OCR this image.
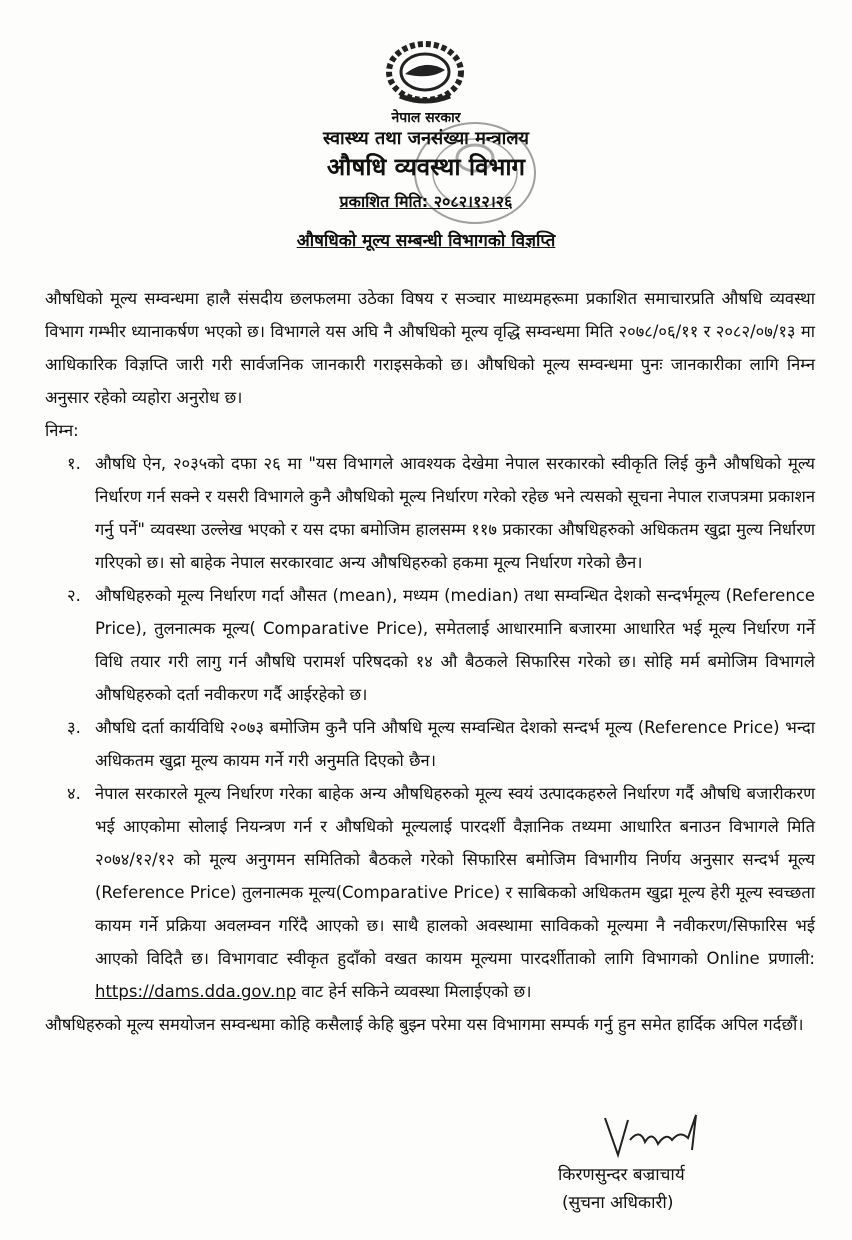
नेपाल सरकार
स्वास्थ्य तथा जनसंख्या मन्त्रालय
औषधि व्यवस्था विभाग
प्रकाशित मिति: २०८२।१२।२६
औषधिको मूल्य सम्बन्धी विभागको विज्ञप्ति

औषधिको मूल्य सम्वन्धमा हालै संसदीय छलफलमा उठेका विषय र सञ्चार माध्यमहरूमा प्रकाशित समाचारप्रति औषधि व्यवस्था विभाग गम्भीर ध्यानाकर्षण भएको छ। विभागले यस अघि नै औषधिको मूल्य वृद्धि सम्वन्धमा मिति २०७८/०६/११ र २०८२/०७/१३ मा आधिकारिक विज्ञप्ति जारी गरी सार्वजनिक जानकारी गराइसकेको छ। औषधिको मूल्य सम्वन्धमा पुनः जानकारीका लागि निम्न अनुसार रहेको व्यहोरा अनुरोध छ।

निम्न:

१. औषधि ऐन, २०३५को दफा २६ मा "यस विभागले आवश्यक देखेमा नेपाल सरकारको स्वीकृति लिई कुनै औषधिको मूल्य निर्धारण गर्न सक्ने र यसरी विभागले कुनै औषधिको मूल्य निर्धारण गरेको रहेछ भने त्यसको सूचना नेपाल राजपत्रमा प्रकाशन गर्नु पर्ने" व्यवस्था उल्लेख भएको र यस दफा बमोजिम हालसम्म ११७ प्रकारका औषधिहरुको अधिकतम खुद्रा मुल्य निर्धारण गरिएको छ। सो बाहेक नेपाल सरकारवाट अन्य औषधिहरुको हकमा मूल्य निर्धारण गरेको छैन।
२. औषधिहरुको मूल्य निर्धारण गर्दा औसत (mean), मध्यम (median) तथा सम्वन्धित देशको सन्दर्भमूल्य (Reference Price), तुलनात्मक मूल्य( Comparative Price), समेतलाई आधारमानि बजारमा आधारित भई मूल्य निर्धारण गर्ने विधि तयार गरी लागु गर्न औषधि परामर्श परिषदको १४ औ बैठकले सिफारिस गरेको छ। सोहि मर्म बमोजिम विभागले औषधिहरुको दर्ता नवीकरण गर्दै आईरहेको छ।
३. औषधि दर्ता कार्यविधि २०७३ बमोजिम कुनै पनि औषधि मूल्य सम्वन्धित देशको सन्दर्भ मूल्य (Reference Price) भन्दा अधिकतम खुद्रा मूल्य कायम गर्ने गरी अनुमति दिएको छैन।
४. नेपाल सरकारले मूल्य निर्धारण गरेका बाहेक अन्य औषधिहरुको मूल्य स्वयं उत्पादकहरुले निर्धारण गर्दै औषधि बजारीकरण भई आएकोमा सोलाई नियन्त्रण गर्न र औषधिको मूल्यलाई पारदर्शी वैज्ञानिक तथ्यमा आधारित बनाउन विभागले मिति २०७४/१२/१२ को मूल्य अनुगमन समितिको बैठकले गरेको सिफारिस बमोजिम विभागीय निर्णय अनुसार सन्दर्भ मूल्य (Reference Price) तुलनात्मक मूल्य(Comparative Price) र साबिकको अधिकतम खुद्रा मूल्य हेरी मूल्य स्वच्छता कायम गर्ने प्रक्रिया अवलम्वन गरिंदै आएको छ। साथै हालको अवस्थामा साविकको मूल्यमा नै नवीकरण/सिफारिस भई आएको विदितै छ। विभागवाट स्वीकृत हुदाँको वखत कायम मूल्यमा पारदर्शीताको लागि विभागको Online प्रणाली: https://dams.dda.gov.np वाट हेर्न सकिने व्यवस्था मिलाईएको छ।

औषधिहरुको मूल्य समयोजन सम्वन्धमा कोहि कसैलाई केहि बुझ्न परेमा यस विभागमा सम्पर्क गर्नु हुन समेत हार्दिक अपिल गर्दछौं।

किरणसुन्दर बज्राचार्य
(सुचना अधिकारी)
